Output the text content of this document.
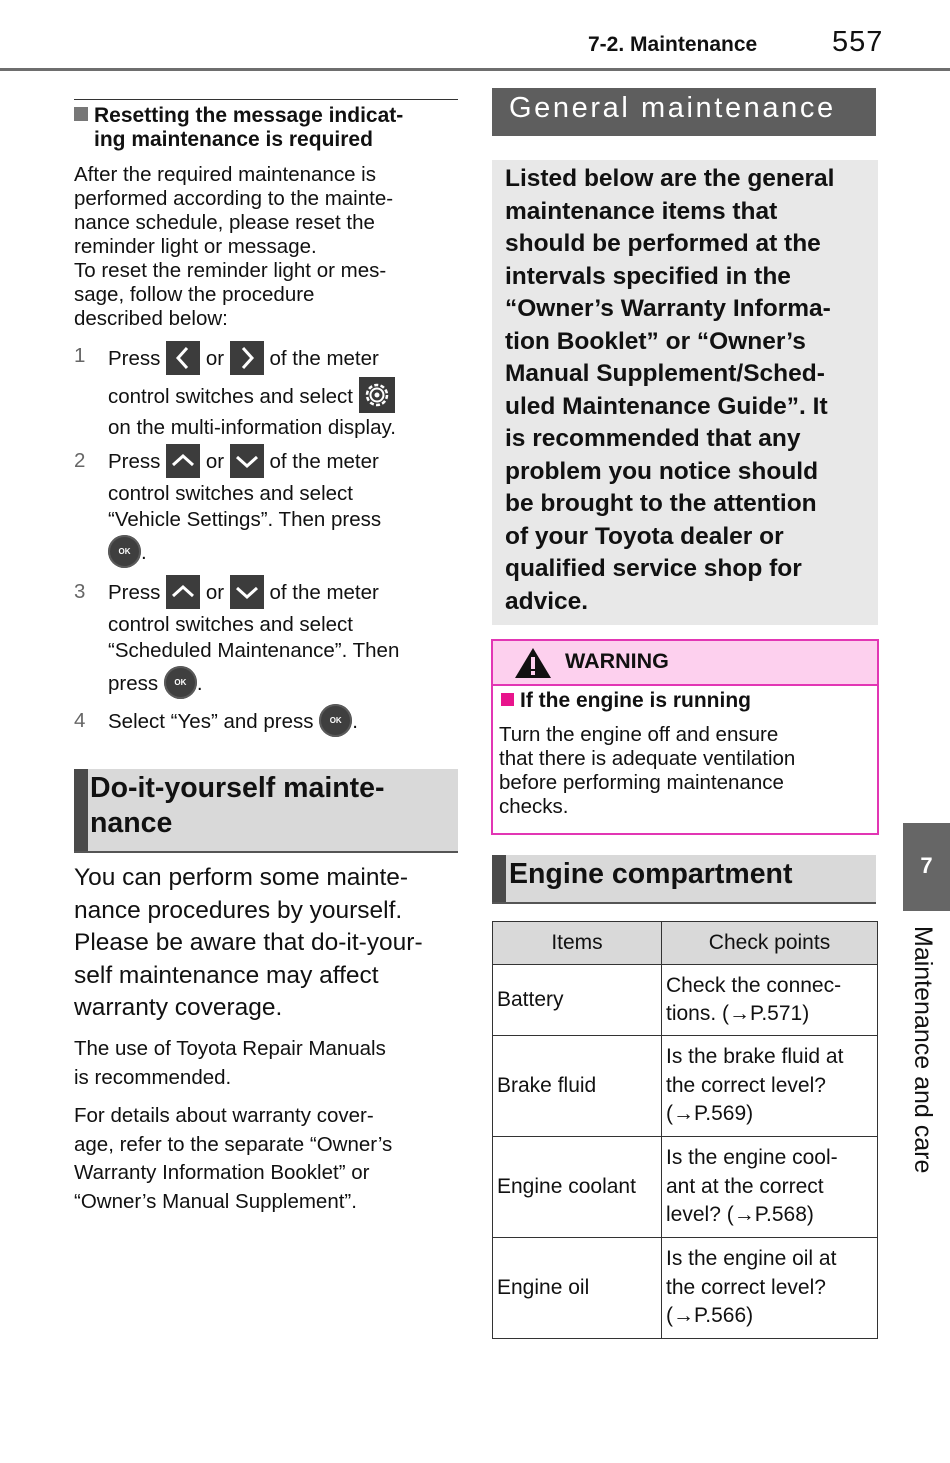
7-2. Maintenance	557
Resetting the message indicat-
ing maintenance is required

After the required maintenance is

performed according to the mainte-

nance schedule, please reset the

reminder light or message.

To reset the reminder light or mes-

sage, follow the procedure

described below:

1 Press or of the meter
control switches and select
on the multi-information display.
2 Press or of the meter
control switches and select
“Vehicle Settings”. Then press
OK .
3 Press or of the meter
control switches and select
“Scheduled Maintenance”. Then
press OK .
4 Select “Yes” and press OK .
Do-it-yourself mainte-
nance

You can perform some mainte-

nance procedures by yourself.

Please be aware that do-it-your-

self maintenance may affect

warranty coverage.

The use of Toyota Repair Manuals

is recommended.

For details about warranty cover-

age, refer to the separate “Owner’s

Warranty Information Booklet” or

“Owner’s Manual Supplement”.

General maintenance
Listed below are the general
maintenance items that
should be performed at the
intervals specified in the
“Owner’s Warranty Informa-
tion Booklet” or “Owner’s
Manual Supplement/Sched-
uled Maintenance Guide”. It
is recommended that any
problem you notice should
be brought to the attention
of your Toyota dealer or
qualified service shop for
advice.
WARNING
If the engine is running
Turn the engine off and ensure
that there is adequate ventilation
before performing maintenance
checks.
Engine compartment
Items	Check points
Battery	Check the connec-
tions. (→P.571)

Brake fluid	Is the brake fluid at
the correct level?
(→P.569)

Engine coolant	Is the engine cool-
ant at the correct
level? (→P.568)

Engine oil	Is the engine oil at
the correct level?
(→P.566)
7
Maintenance and care
